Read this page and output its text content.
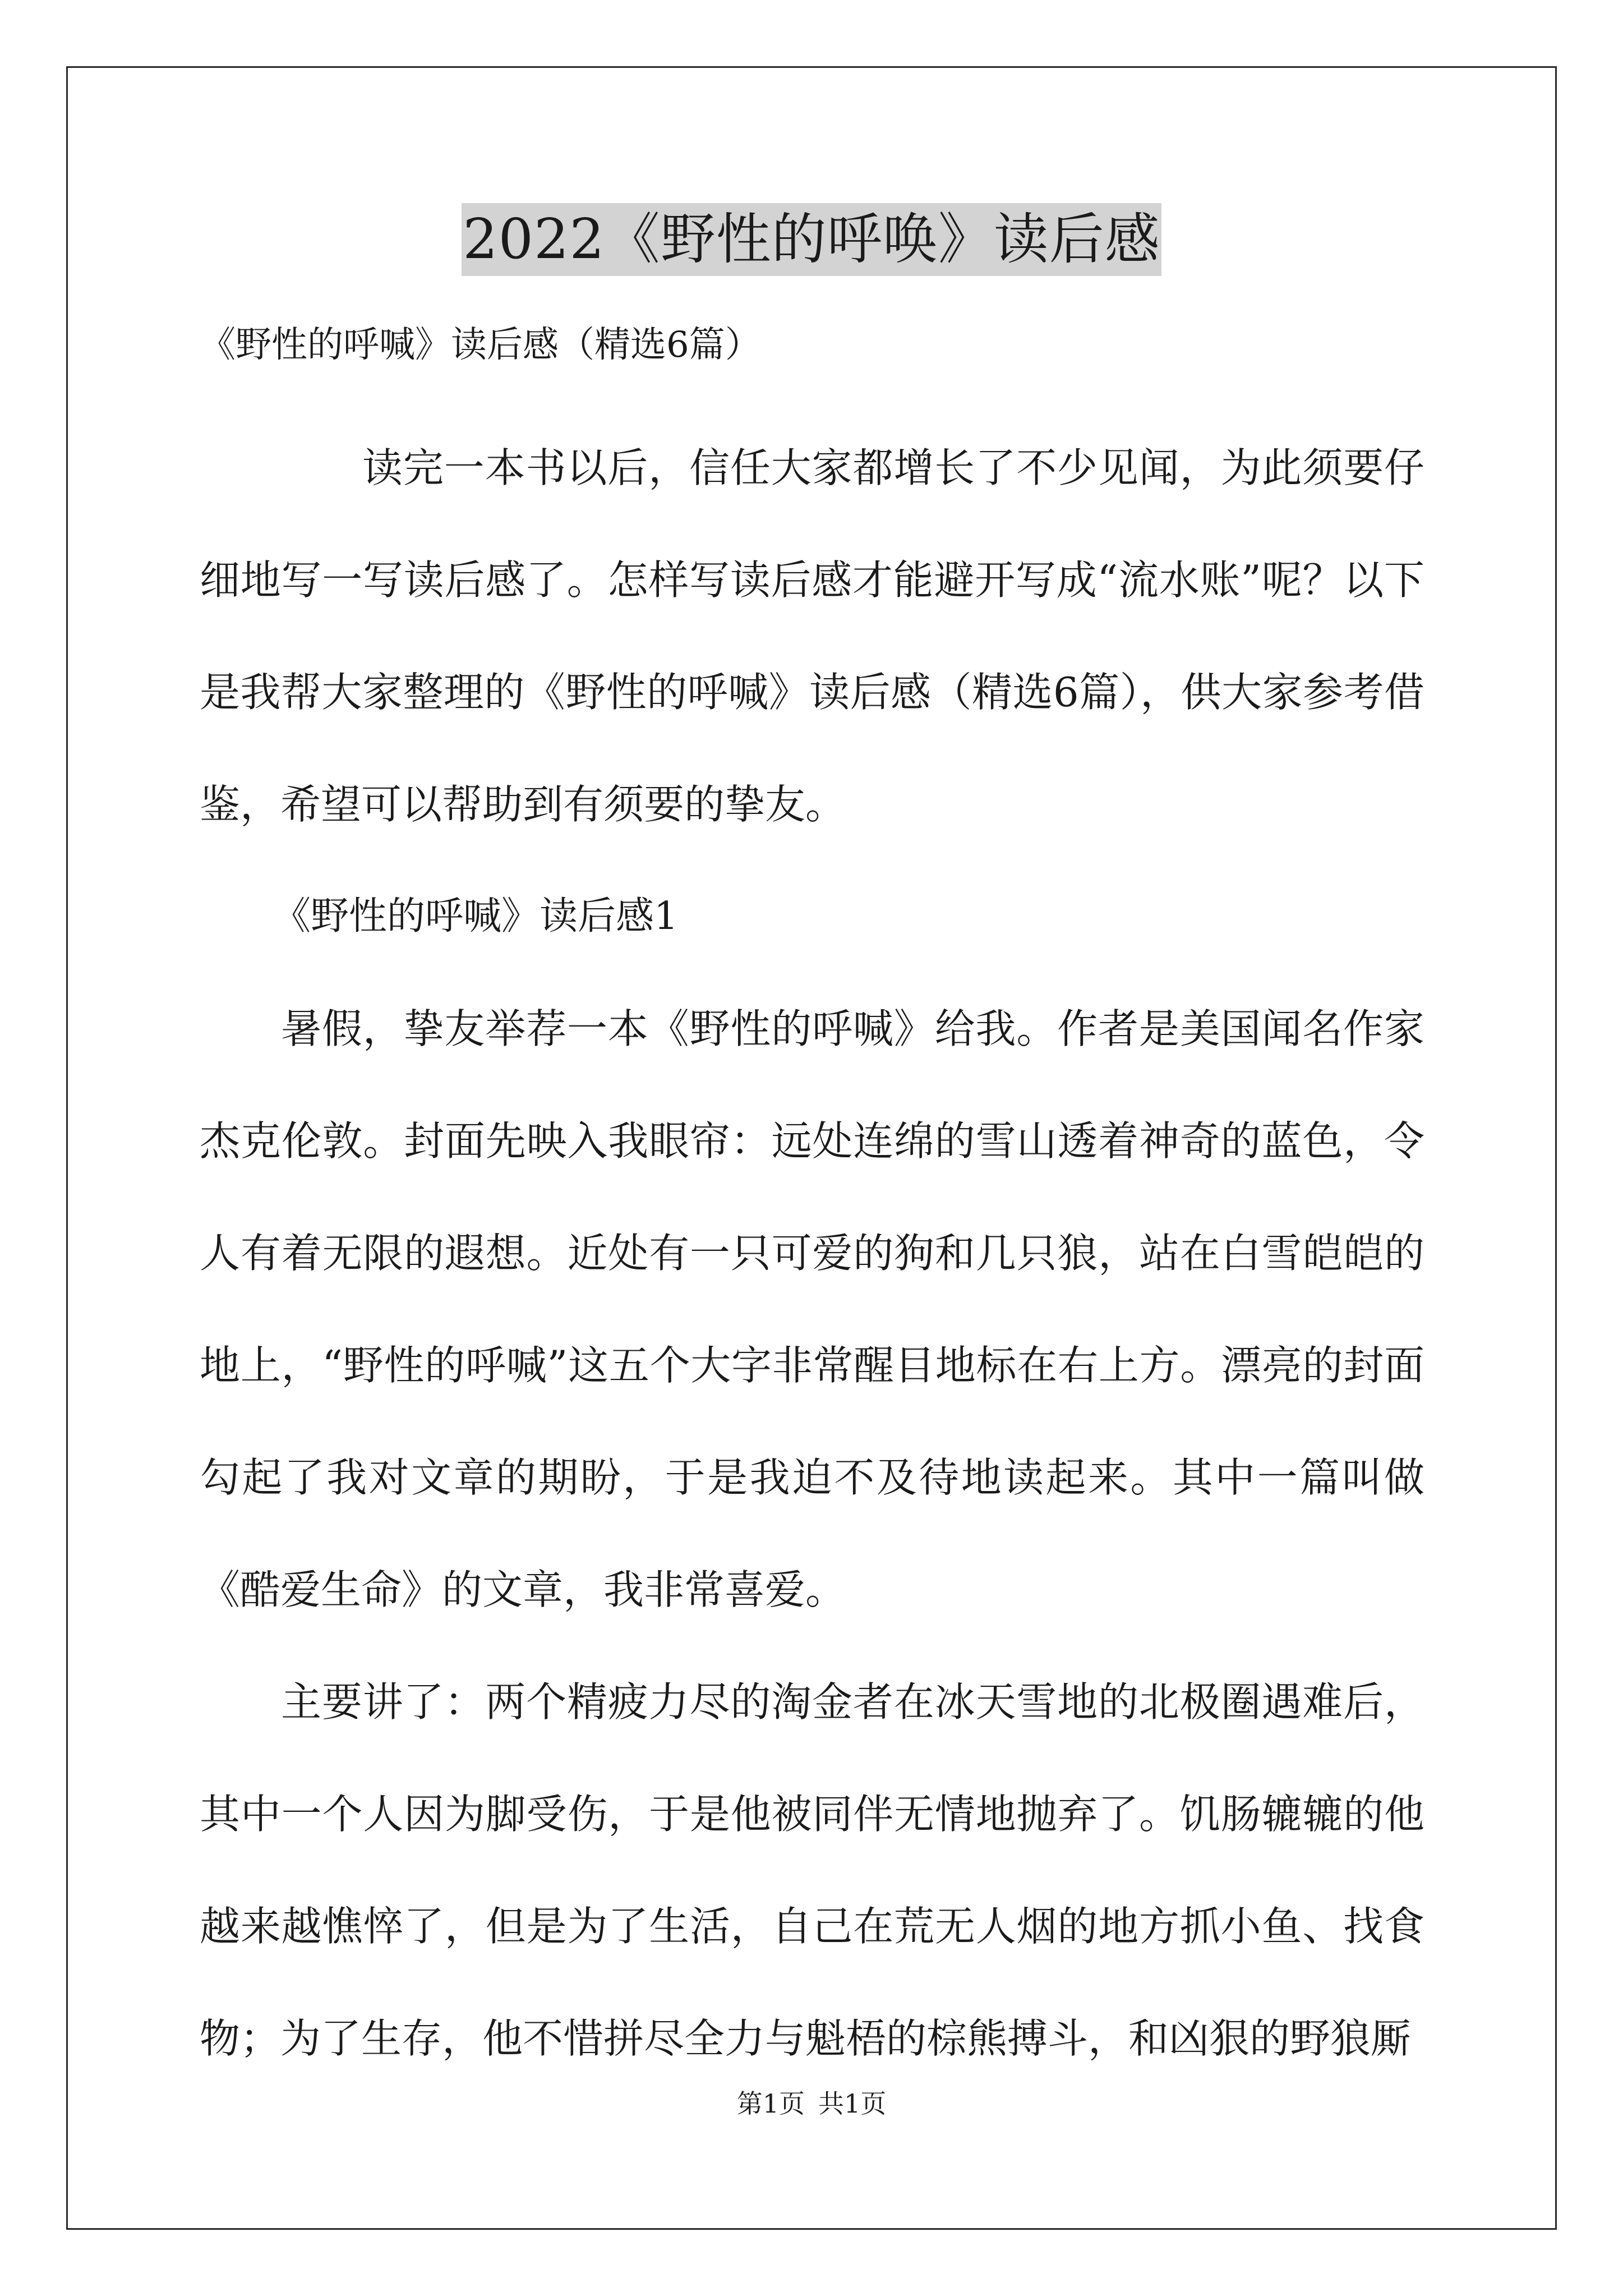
2022《野性的呼唤》读后感

《野性的呼喊》读后感（精选6篇）

读完一本书以后，信任大家都增长了不少见闻，为此须要仔细地写一写读后感了。怎样写读后感才能避开写成“流水账”呢？以下是我帮大家整理的《野性的呼喊》读后感（精选6篇），供大家参考借鉴，希望可以帮助到有须要的挚友。

《野性的呼喊》读后感1

暑假，挚友举荐一本《野性的呼喊》给我。作者是美国闻名作家杰克伦敦。封面先映入我眼帘：远处连绵的雪山透着神奇的蓝色，令人有着无限的遐想。近处有一只可爱的狗和几只狼，站在白雪皑皑的地上，“野性的呼喊”这五个大字非常醒目地标在右上方。漂亮的封面勾起了我对文章的期盼，于是我迫不及待地读起来。其中一篇叫做《酷爱生命》的文章，我非常喜爱。

主要讲了：两个精疲力尽的淘金者在冰天雪地的北极圈遇难后，其中一个人因为脚受伤，于是他被同伴无情地抛弃了。饥肠辘辘的他越来越憔悴了，但是为了生活，自己在荒无人烟的地方抓小鱼、找食物；为了生存，他不惜拼尽全力与魁梧的棕熊搏斗，和凶狠的野狼厮

第1页 共1页
